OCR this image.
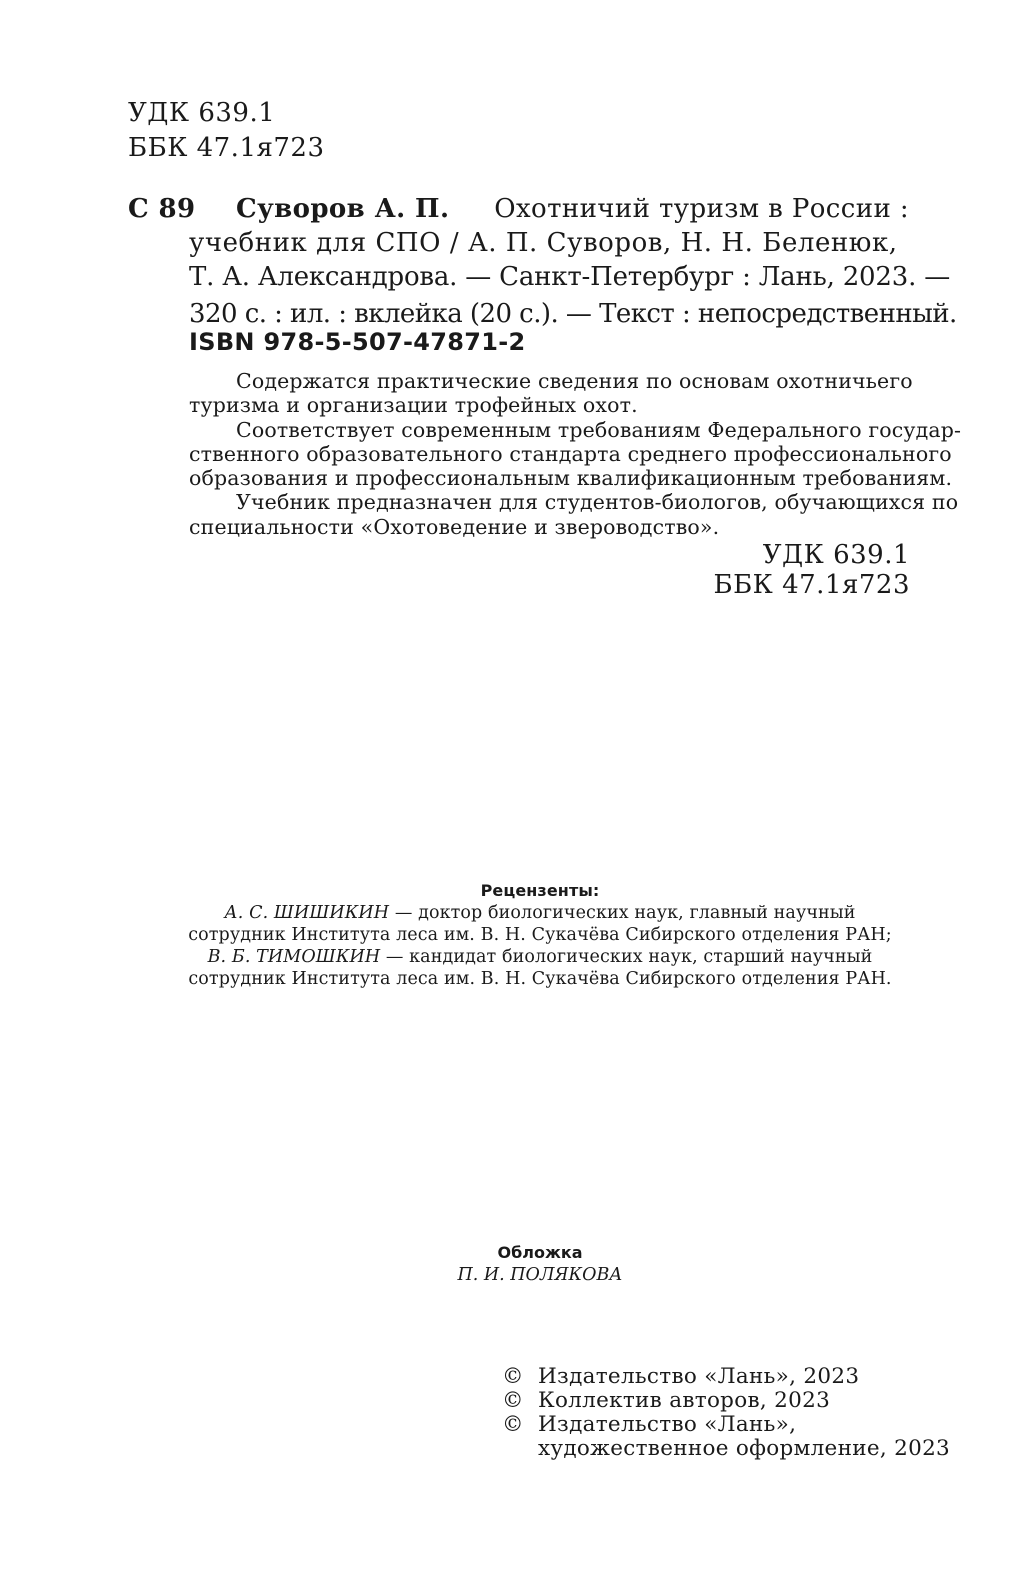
УДК 639.1
ББК 47.1я723
С 89	Суворов А. П. Охотничий туризм в России :
учебник для СПО / А. П. Суворов, Н. Н. Беленюк,
Т. А. Александрова. — Санкт-Петербург : Лань, 2023. —
320 с. : ил. : вклейка (20 с.). — Текст : непосредственный.
ISBN 978-5-507-47871-2
Содержатся практические сведения по основам охотничьего
туризма и организации трофейных охот.
Соответствует современным требованиям Федерального государ-
ственного образовательного стандарта среднего профессионального
образования и профессиональным квалификационным требованиям.
Учебник предназначен для студентов-биологов, обучающихся по
специальности «Охотоведение и звероводство».
УДК 639.1
ББК 47.1я723
Рецензенты:
А. С. ШИШИКИН — доктор биологических наук, главный научный
сотрудник Института леса им. В. Н. Сукачёва Сибирского отделения РАН;
В. Б. ТИМОШКИН — кандидат биологических наук, старший научный
сотрудник Института леса им. В. Н. Сукачёва Сибирского отделения РАН.
Обложка
П. И. ПОЛЯКОВА
© Издательство «Лань», 2023
© Коллектив авторов, 2023
© Издательство «Лань»,
художественное оформление, 2023
